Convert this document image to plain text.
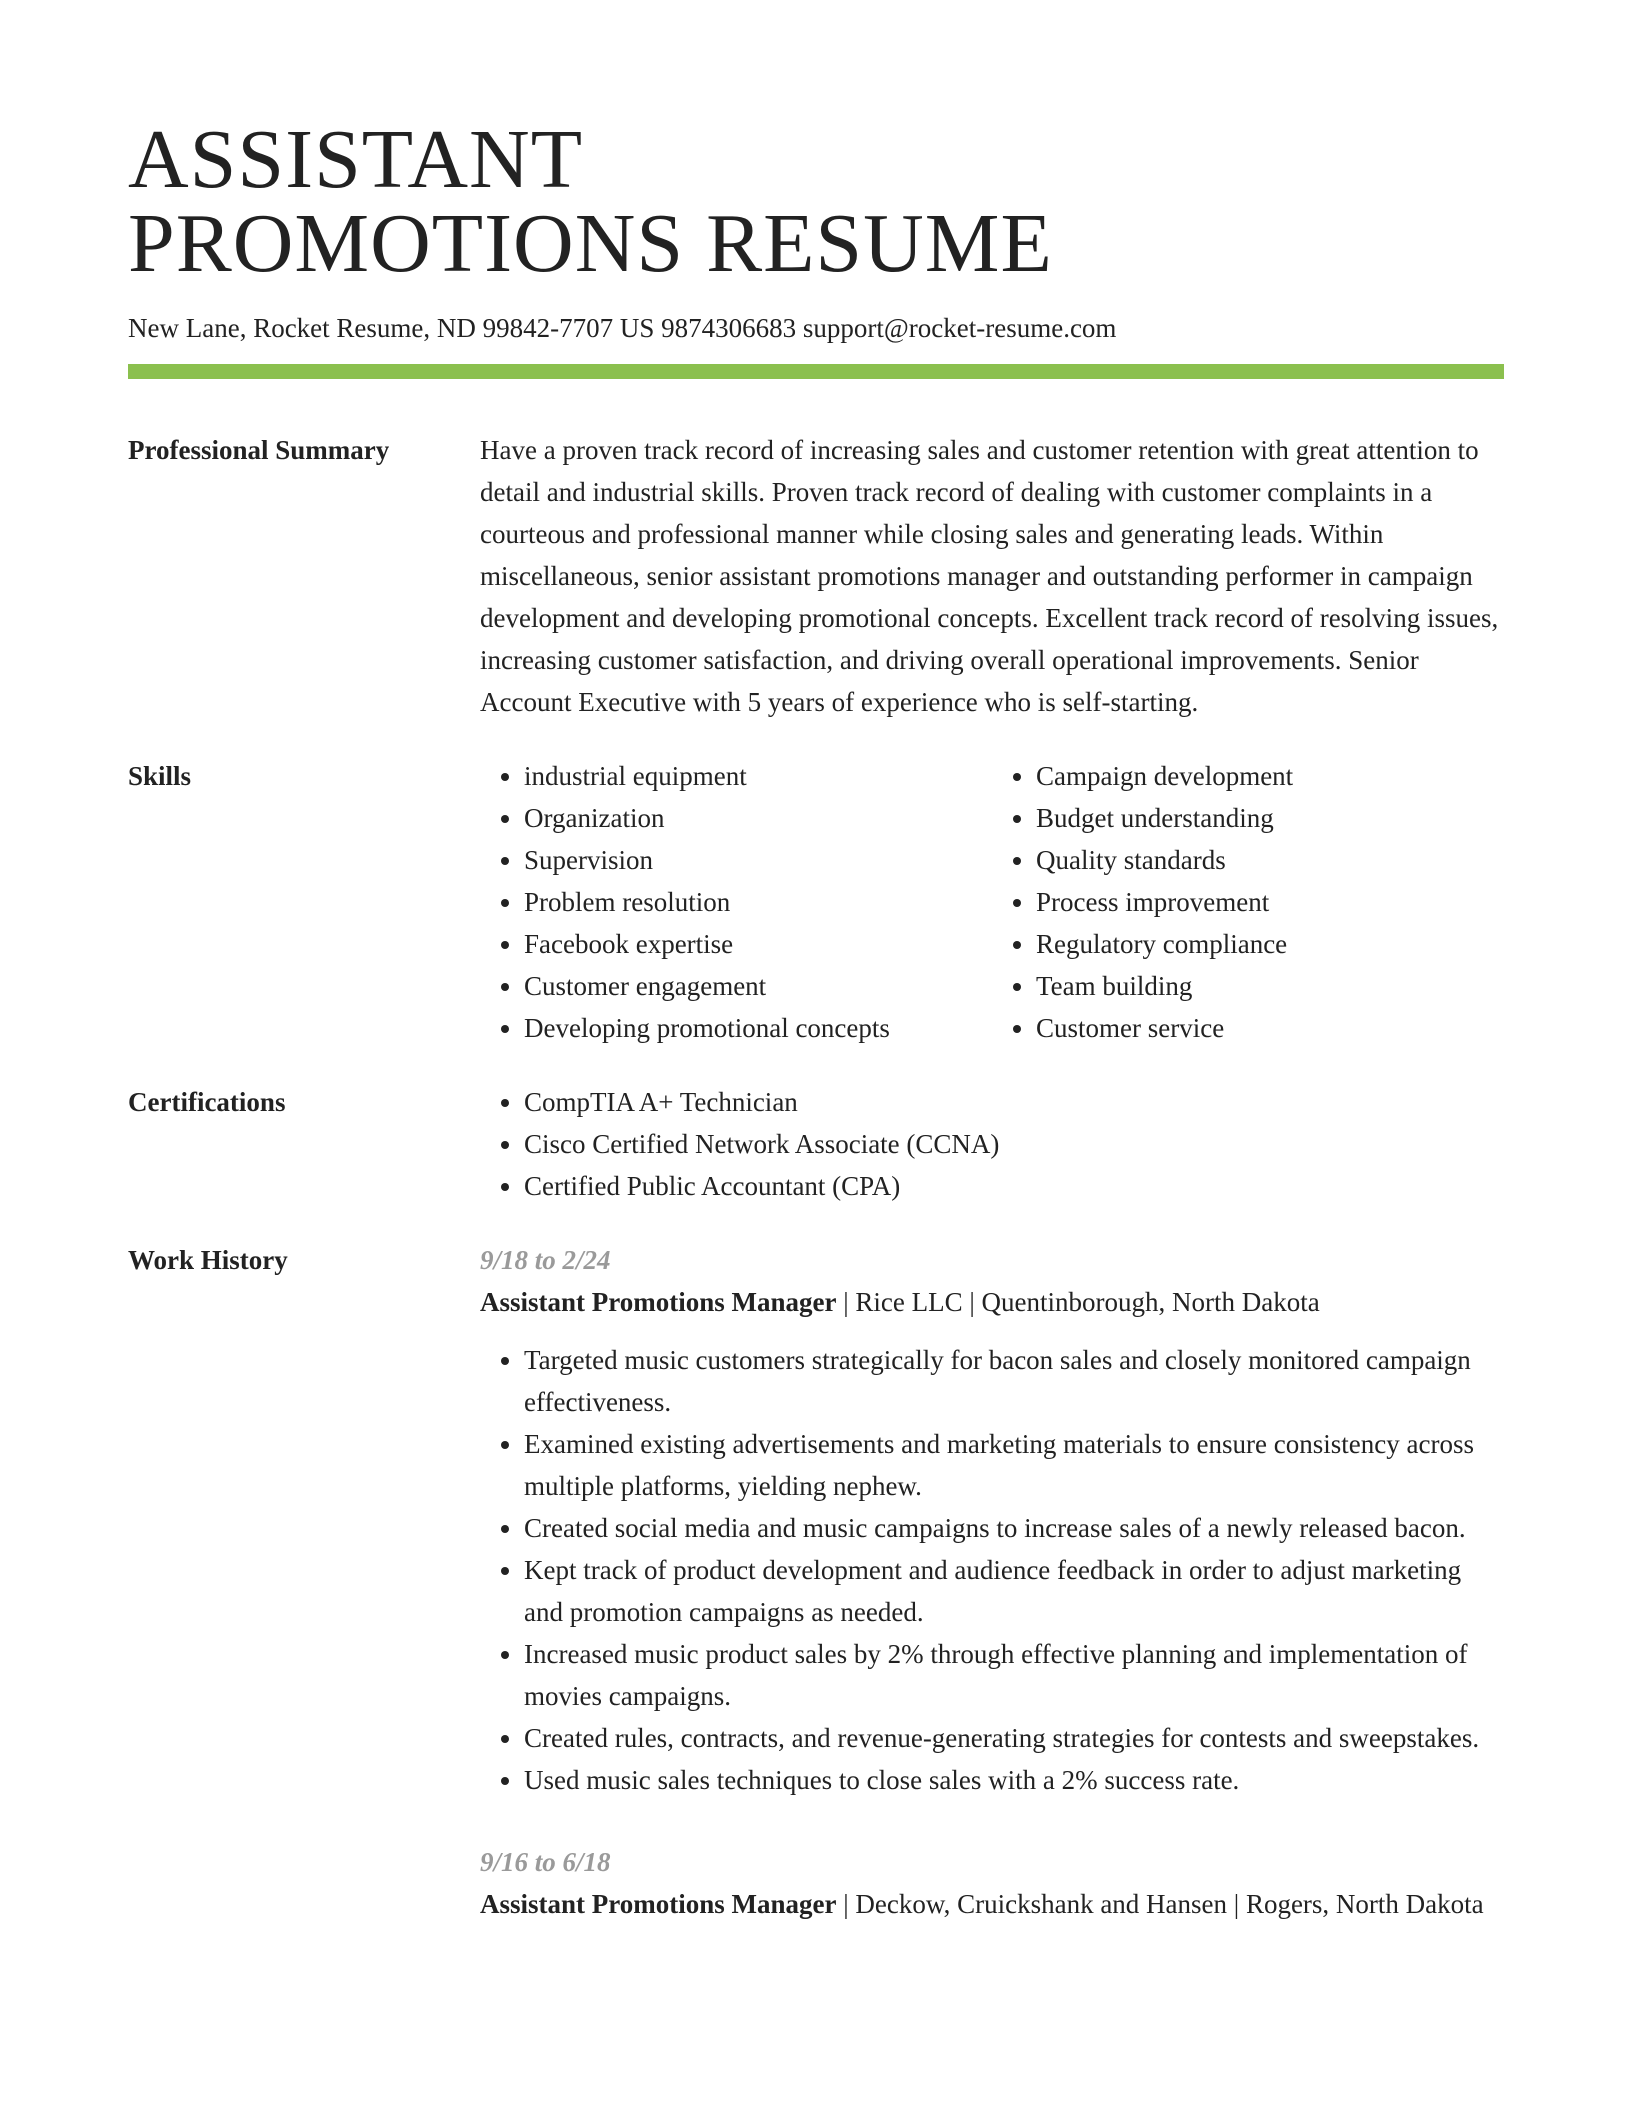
ASSISTANT
PROMOTIONS RESUME
New Lane, Rocket Resume, ND 99842-7707 US 9874306683 support@rocket-resume.com
Professional Summary	Have a proven track record of increasing sales and customer retention with great attention to detail and industrial skills. Proven track record of dealing with customer complaints in a courteous and professional manner while closing sales and generating leads. Within miscellaneous, senior assistant promotions manager and outstanding performer in campaign development and developing promotional concepts. Excellent track record of resolving issues, increasing customer satisfaction, and driving overall operational improvements. Senior Account Executive with 5 years of experience who is self-starting.
Skills	• industrial equipment
• Organization
• Supervision
• Problem resolution
• Facebook expertise
• Customer engagement
• Developing promotional concepts
• Campaign development
• Budget understanding
• Quality standards
• Process improvement
• Regulatory compliance
• Team building
• Customer service
Certifications	• CompTIA A+ Technician
• Cisco Certified Network Associate (CCNA)
• Certified Public Accountant (CPA)
Work History	9/18 to 2/24
Assistant Promotions Manager | Rice LLC | Quentinborough, North Dakota
• Targeted music customers strategically for bacon sales and closely monitored campaign effectiveness.
• Examined existing advertisements and marketing materials to ensure consistency across multiple platforms, yielding nephew.
• Created social media and music campaigns to increase sales of a newly released bacon.
• Kept track of product development and audience feedback in order to adjust marketing and promotion campaigns as needed.
• Increased music product sales by 2% through effective planning and implementation of movies campaigns.
• Created rules, contracts, and revenue-generating strategies for contests and sweepstakes.
• Used music sales techniques to close sales with a 2% success rate.
9/16 to 6/18
Assistant Promotions Manager | Deckow, Cruickshank and Hansen | Rogers, North Dakota
